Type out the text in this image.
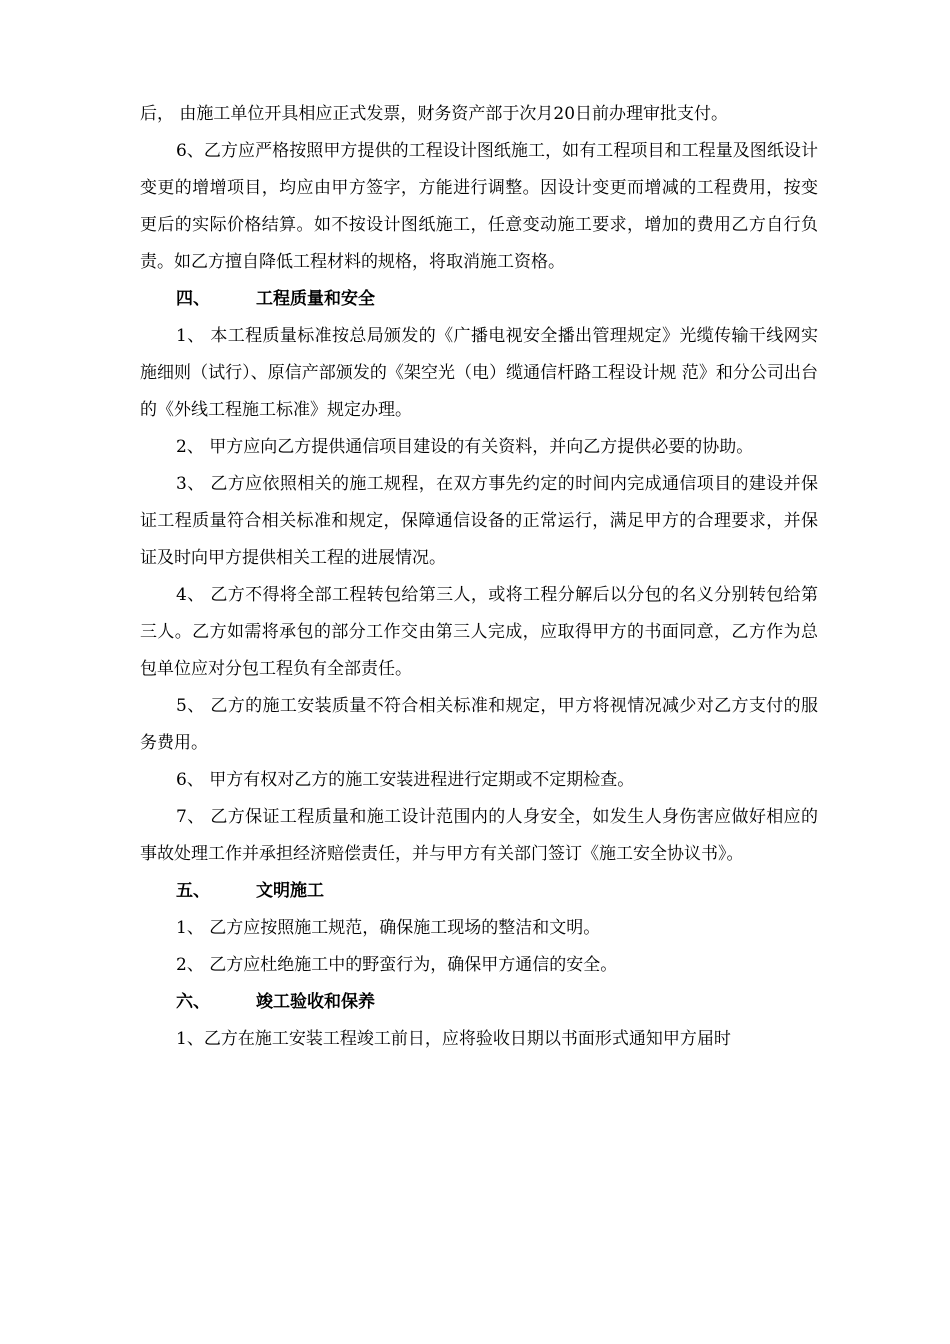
后， 由施工单位开具相应正式发票，财务资产部于次月20日前办理审批支付。

6、乙方应严格按照甲方提供的工程设计图纸施工，如有工程项目和工程量及图纸设计变更的增增项目，均应由甲方签字，方能进行调整。因设计变更而增减的工程费用，按变更后的实际价格结算。如不按设计图纸施工，任意变动施工要求，增加的费用乙方自行负责。如乙方擅自降低工程材料的规格，将取消施工资格。

四、	工程质量和安全

1、 本工程质量标准按总局颁发的《广播电视安全播出管理规定》光缆传输干线网实施细则（试行）、原信产部颁发的《架空光（电）缆通信杆路工程设计规 范》和分公司出台的《外线工程施工标准》规定办理。

2、 甲方应向乙方提供通信项目建设的有关资料，并向乙方提供必要的协助。

3、 乙方应依照相关的施工规程，在双方事先约定的时间内完成通信项目的建设并保证工程质量符合相关标准和规定，保障通信设备的正常运行，满足甲方的合理要求，并保证及时向甲方提供相关工程的进展情况。

4、 乙方不得将全部工程转包给第三人，或将工程分解后以分包的名义分别转包给第三人。乙方如需将承包的部分工作交由第三人完成，应取得甲方的书面同意，乙方作为总包单位应对分包工程负有全部责任。

5、 乙方的施工安装质量不符合相关标准和规定，甲方将视情况减少对乙方支付的服务费用。

6、 甲方有权对乙方的施工安装进程进行定期或不定期检查。

7、 乙方保证工程质量和施工设计范围内的人身安全，如发生人身伤害应做好相应的事故处理工作并承担经济赔偿责任，并与甲方有关部门签订《施工安全协议书》。

五、	文明施工

1、 乙方应按照施工规范，确保施工现场的整洁和文明。

2、 乙方应杜绝施工中的野蛮行为，确保甲方通信的安全。

六、	竣工验收和保养

1、乙方在施工安装工程竣工前日，应将验收日期以书面形式通知甲方届时
